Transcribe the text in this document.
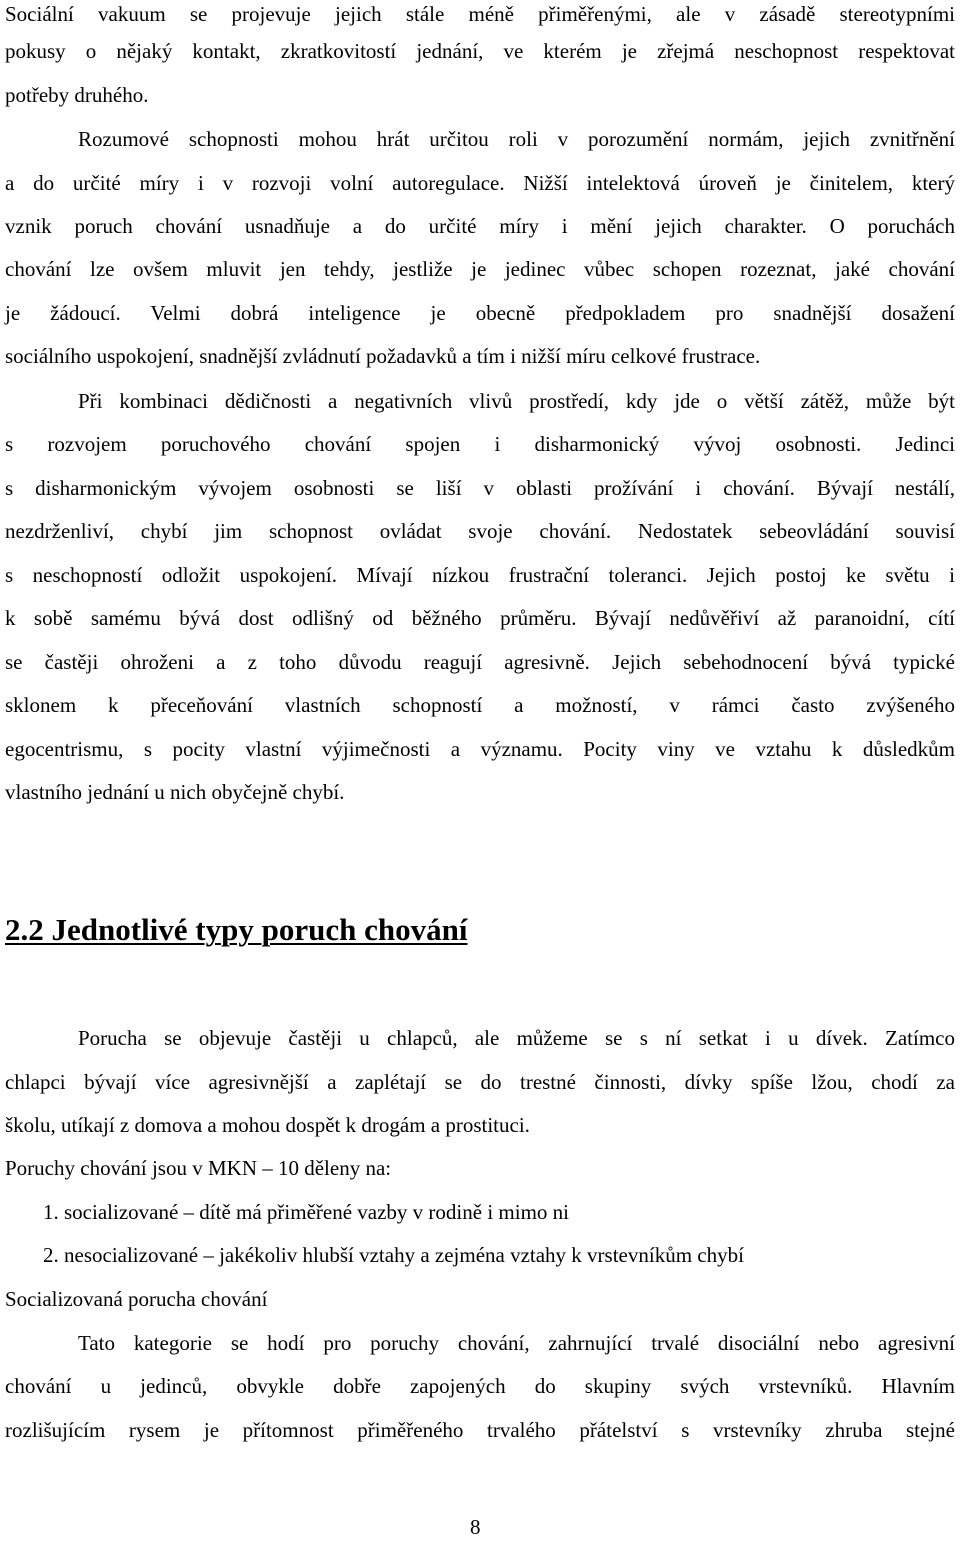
Sociální vakuum se projevuje jejich stále méně přiměřenými, ale v zásadě stereotypními
pokusy o nějaký kontakt, zkratkovitostí jednání, ve kterém je zřejmá neschopnost respektovat
potřeby druhého.
Rozumové schopnosti mohou hrát určitou roli v porozumění normám, jejich zvnitřnění
a do určité míry i v rozvoji volní autoregulace. Nižší intelektová úroveň je činitelem, který
vznik poruch chování usnadňuje a do určité míry i mění jejich charakter. O poruchách
chování lze ovšem mluvit jen tehdy, jestliže je jedinec vůbec schopen rozeznat, jaké chování
je žádoucí. Velmi dobrá inteligence je obecně předpokladem pro snadnější dosažení
sociálního uspokojení, snadnější zvládnutí požadavků a tím i nižší míru celkové frustrace.
Při kombinaci dědičnosti a negativních vlivů prostředí, kdy jde o větší zátěž, může být
s rozvojem poruchového chování spojen i disharmonický vývoj osobnosti. Jedinci
s disharmonickým vývojem osobnosti se liší v oblasti prožívání i chování. Bývají nestálí,
nezdrženliví, chybí jim schopnost ovládat svoje chování. Nedostatek sebeovládání souvisí
s neschopností odložit uspokojení. Mívají nízkou frustrační toleranci. Jejich postoj ke světu i
k sobě samému bývá dost odlišný od běžného průměru. Bývají nedůvěřiví až paranoidní, cítí
se častěji ohroženi a z toho důvodu reagují agresivně. Jejich sebehodnocení bývá typické
sklonem k přeceňování vlastních schopností a možností, v rámci často zvýšeného
egocentrismu, s pocity vlastní výjimečnosti a významu. Pocity viny ve vztahu k důsledkům
vlastního jednání u nich obyčejně chybí.
2.2 Jednotlivé typy poruch chování
Porucha se objevuje častěji u chlapců, ale můžeme se s ní setkat i u dívek. Zatímco
chlapci bývají více agresivnější a zaplétají se do trestné činnosti, dívky spíše lžou, chodí za
školu, utíkají z domova a mohou dospět k drogám a prostituci.
Poruchy chování jsou v MKN – 10 děleny na:
1. socializované – dítě má přiměřené vazby v rodině i mimo ni
2. nesocializované – jakékoliv hlubší vztahy a zejména vztahy k vrstevníkům chybí
Socializovaná porucha chování
Tato kategorie se hodí pro poruchy chování, zahrnující trvalé disociální nebo agresivní
chování u jedinců, obvykle dobře zapojených do skupiny svých vrstevníků. Hlavním
rozlišujícím rysem je přítomnost přiměřeného trvalého přátelství s vrstevníky zhruba stejné
8
